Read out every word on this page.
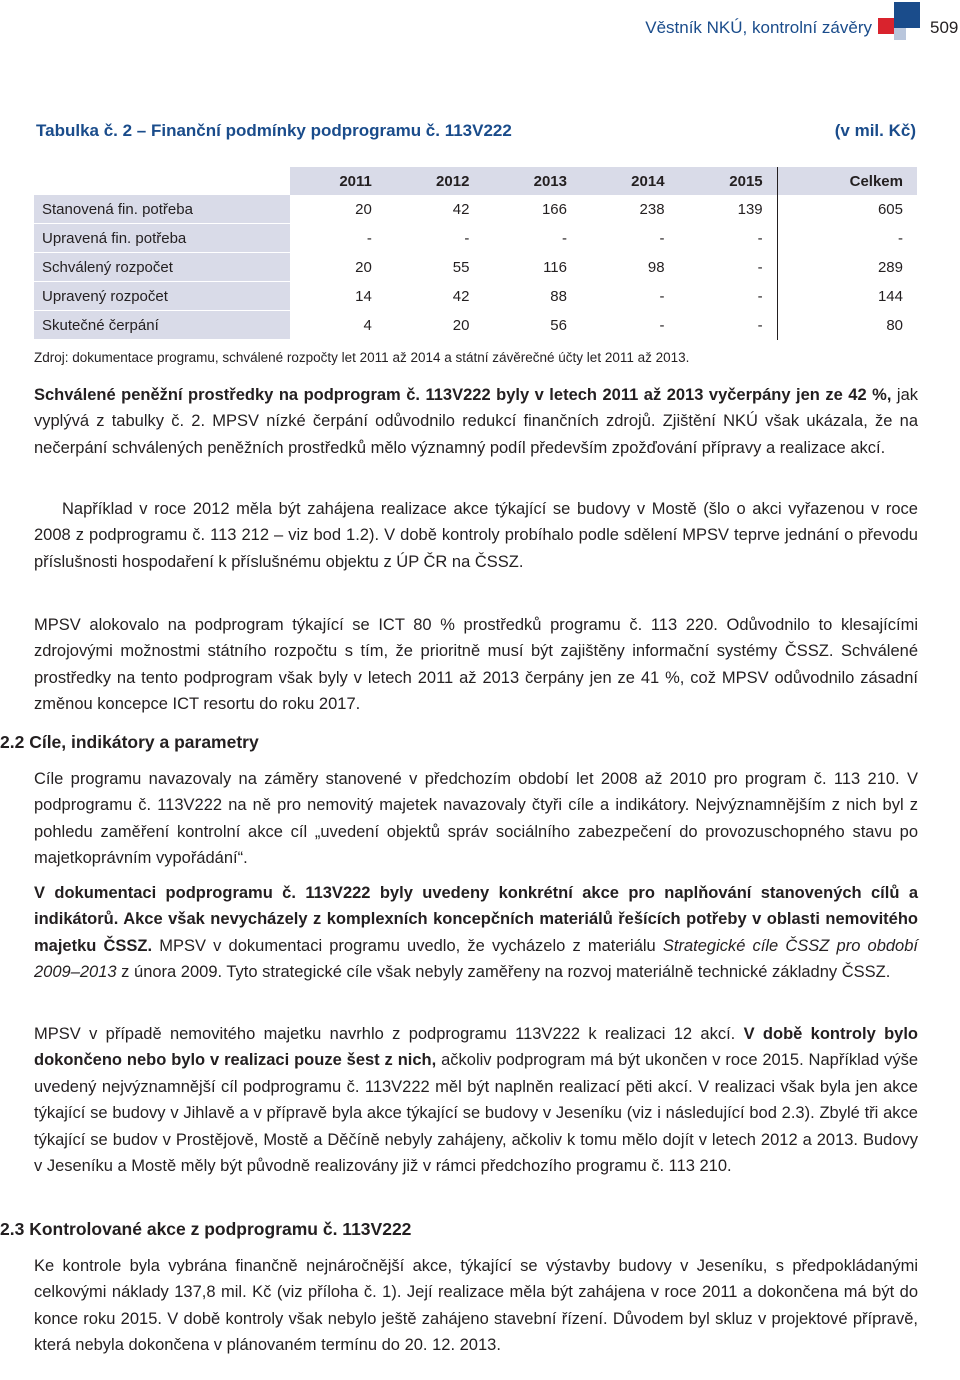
Věstník NKÚ, kontrolní závěry	509
Tabulka č. 2 – Finanční podmínky podprogramu č. 113V222	(v mil. Kč)
	2011	2012	2013	2014	2015	Celkem
Stanovená fin. potřeba	20	42	166	238	139	605
Upravená fin. potřeba	-	-	-	-	-	-
Schválený rozpočet	20	55	116	98	-	289
Upravený rozpočet	14	42	88	-	-	144
Skutečné čerpání	4	20	56	-	-	80
Zdroj: dokumentace programu, schválené rozpočty let 2011 až 2014 a státní závěrečné účty let 2011 až 2013.
Schválené peněžní prostředky na podprogram č. 113V222 byly v letech 2011 až 2013 vyčerpány jen ze 42 %, jak vyplývá z tabulky č. 2. MPSV nízké čerpání odůvodnilo redukcí finančních zdrojů. Zjištění NKÚ však ukázala, že na nečerpání schválených peněžních prostředků mělo významný podíl především zpožďování přípravy a realizace akcí.
Například v roce 2012 měla být zahájena realizace akce týkající se budovy v Mostě (šlo o akci vyřazenou v roce 2008 z podprogramu č. 113 212 – viz bod 1.2). V době kontroly probíhalo podle sdělení MPSV teprve jednání o převodu příslušnosti hospodaření k příslušnému objektu z ÚP ČR na ČSSZ.
MPSV alokovalo na podprogram týkající se ICT 80 % prostředků programu č. 113 220. Odůvodnilo to klesajícími zdrojovými možnostmi státního rozpočtu s tím, že prioritně musí být zajištěny informační systémy ČSSZ. Schválené prostředky na tento podprogram však byly v letech 2011 až 2013 čerpány jen ze 41 %, což MPSV odůvodnilo zásadní změnou koncepce ICT resortu do roku 2017.
2.2 Cíle, indikátory a parametry
Cíle programu navazovaly na záměry stanovené v předchozím období let 2008 až 2010 pro program č. 113 210. V podprogramu č. 113V222 na ně pro nemovitý majetek navazovaly čtyři cíle a indikátory. Nejvýznamnějším z nich byl z pohledu zaměření kontrolní akce cíl „uvedení objektů správ sociálního zabezpečení do provozuschopného stavu po majetkoprávním vypořádání“.
V dokumentaci podprogramu č. 113V222 byly uvedeny konkrétní akce pro naplňování stanovených cílů a indikátorů. Akce však nevycházely z komplexních koncepčních materiálů řešících potřeby v oblasti nemovitého majetku ČSSZ. MPSV v dokumentaci programu uvedlo, že vycházelo z materiálu Strategické cíle ČSSZ pro období 2009–2013 z února 2009. Tyto strategické cíle však nebyly zaměřeny na rozvoj materiálně technické základny ČSSZ.
MPSV v případě nemovitého majetku navrhlo z podprogramu 113V222 k realizaci 12 akcí. V době kontroly bylo dokončeno nebo bylo v realizaci pouze šest z nich, ačkoliv podprogram má být ukončen v roce 2015. Například výše uvedený nejvýznamnější cíl podprogramu č. 113V222 měl být naplněn realizací pěti akcí. V realizaci však byla jen akce týkající se budovy v Jihlavě a v přípravě byla akce týkající se budovy v Jeseníku (viz i následující bod 2.3). Zbylé tři akce týkající se budov v Prostějově, Mostě a Děčíně nebyly zahájeny, ačkoliv k tomu mělo dojít v letech 2012 a 2013. Budovy v Jeseníku a Mostě měly být původně realizovány již v rámci předchozího programu č. 113 210.
2.3 Kontrolované akce z podprogramu č. 113V222
Ke kontrole byla vybrána finančně nejnáročnější akce, týkající se výstavby budovy v Jeseníku, s předpokládanými celkovými náklady 137,8 mil. Kč (viz příloha č. 1). Její realizace měla být zahájena v roce 2011 a dokončena má být do konce roku 2015. V době kontroly však nebylo ještě zahájeno stavební řízení. Důvodem byl skluz v projektové přípravě, která nebyla dokončena v plánovaném termínu do 20. 12. 2013.
